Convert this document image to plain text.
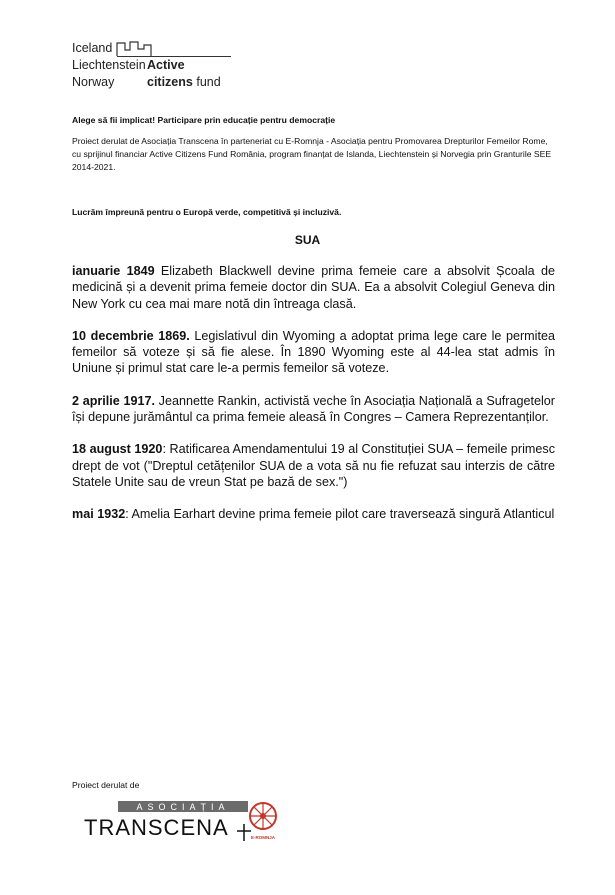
Iceland
Liechtenstein
Norway
Active
citizens fund
Alege să fii implicat! Participare prin educație pentru democrație
Proiect derulat de Asociația Transcena în parteneriat cu E-Romnja - Asociația pentru Promovarea Drepturilor Femeilor Rome, cu sprijinul financiar Active Citizens Fund România, program finanțat de Islanda, Liechtenstein și Norvegia prin Granturile SEE 2014-2021.
Lucrăm împreună pentru o Europă verde, competitivă și incluzivă.
SUA

ianuarie 1849 Elizabeth Blackwell devine prima femeie care a absolvit Școala de medicină și a devenit prima femeie doctor din SUA. Ea a absolvit Colegiul Geneva din New York cu cea mai mare notă din întreaga clasă.

10 decembrie 1869. Legislativul din Wyoming a adoptat prima lege care le permitea femeilor să voteze și să fie alese. În 1890 Wyoming este al 44-lea stat admis în Uniune și primul stat care le-a permis femeilor să voteze.

2 aprilie 1917. Jeannette Rankin, activistă veche în Asociația Națională a Sufragetelor își depune jurământul ca prima femeie aleasă în Congres – Camera Reprezentanților.

18 august 1920: Ratificarea Amendamentului 19 al Constituției SUA – femeile primesc drept de vot ("Dreptul cetățenilor SUA de a vota să nu fie refuzat sau interzis de către Statele Unite sau de vreun Stat pe bază de sex.")

mai 1932: Amelia Earhart devine prima femeie pilot care traversează singură Atlanticul

Proiect derulat de
ASOCIAȚIA
TRANSCENA	E-ROMNJA
